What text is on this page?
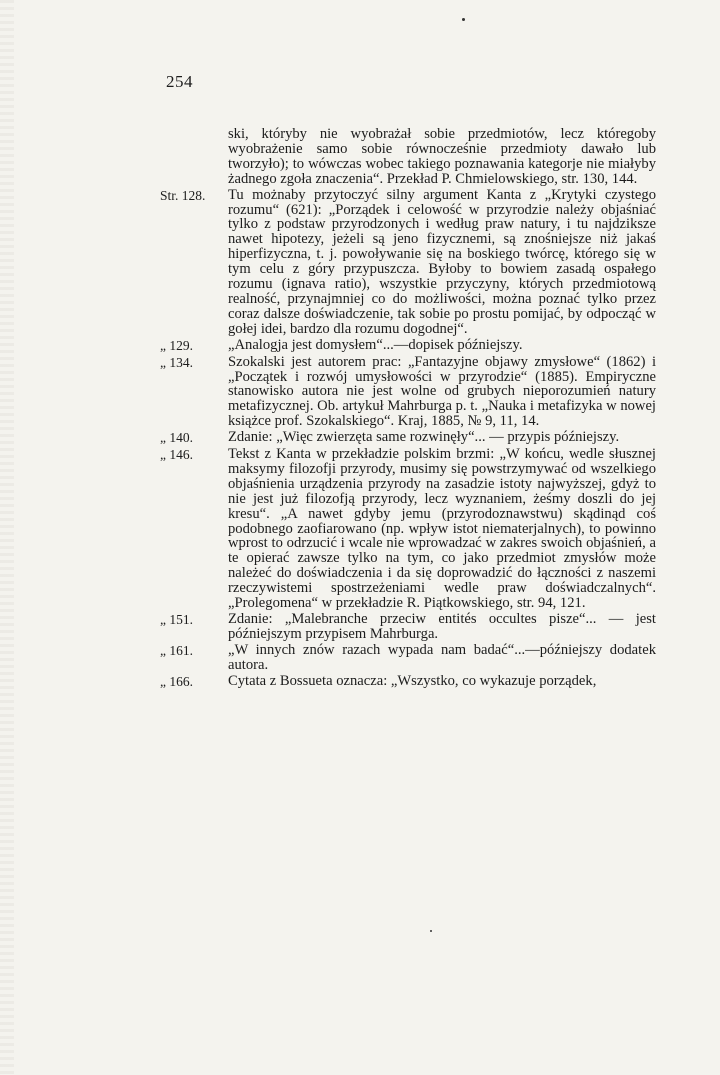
254
ski, któryby nie wyobrażał sobie przedmiotów, lecz któregoby wyobrażenie samo sobie równocześnie przedmioty dawało lub tworzyło); to wówczas wobec takiego poznawania kategorje nie miałyby żadnego zgoła znaczenia“. Przekład P. Chmielowskiego, str. 130, 144.
Str. 128.	Tu możnaby przytoczyć silny argument Kanta z „Krytyki czystego rozumu“ (621): „Porządek i celowość w przyrodzie należy objaśniać tylko z podstaw przyrodzonych i według praw natury, i tu najdziksze nawet hipotezy, jeżeli są jeno fizycznemi, są znośniejsze niż jakaś hiperfizyczna, t. j. powoływanie się na boskiego twórcę, którego się w tym celu z góry przypuszcza. Byłoby to bowiem zasadą ospałego rozumu (ignava ratio), wszystkie przyczyny, których przedmiotową realność, przynajmniej co do możliwości, można poznać tylko przez coraz dalsze doświadczenie, tak sobie po prostu pomijać, by odpocząć w gołej idei, bardzo dla rozumu dogodnej“.
„ 129.	„Analogja jest domysłem“...—dopisek późniejszy.
„ 134.	Szokalski jest autorem prac: „Fantazyjne objawy zmysłowe“ (1862) i „Początek i rozwój umysłowości w przyrodzie“ (1885). Empiryczne stanowisko autora nie jest wolne od grubych nieporozumień natury metafizycznej. Ob. artykuł Mahrburga p. t. „Nauka i metafizyka w nowej książce prof. Szokalskiego“. Kraj, 1885, № 9, 11, 14.
„ 140.	Zdanie: „Więc zwierzęta same rozwinęły“... — przypis późniejszy.
„ 146.	Tekst z Kanta w przekładzie polskim brzmi: „W końcu, wedle słusznej maksymy filozofji przyrody, musimy się powstrzymywać od wszelkiego objaśnienia urządzenia przyrody na zasadzie istoty najwyższej, gdyż to nie jest już filozofją przyrody, lecz wyznaniem, żeśmy doszli do jej kresu“. „A nawet gdyby jemu (przyrodoznawstwu) skądinąd coś podobnego zaofiarowano (np. wpływ istot niematerjalnych), to powinno wprost to odrzucić i wcale nie wprowadzać w zakres swoich objaśnień, a te opierać zawsze tylko na tym, co jako przedmiot zmysłów może należeć do doświadczenia i da się doprowadzić do łączności z naszemi rzeczywistemi spostrzeżeniami wedle praw doświadczalnych“. „Prolegomena“ w przekładzie R. Piątkowskiego, str. 94, 121.
„ 151.	Zdanie: „Malebranche przeciw entités occultes pisze“... — jest późniejszym przypisem Mahrburga.
„ 161.	„W innych znów razach wypada nam badać“...—późniejszy dodatek autora.
„ 166.	Cytata z Bossueta oznacza: „Wszystko, co wykazuje porządek,
